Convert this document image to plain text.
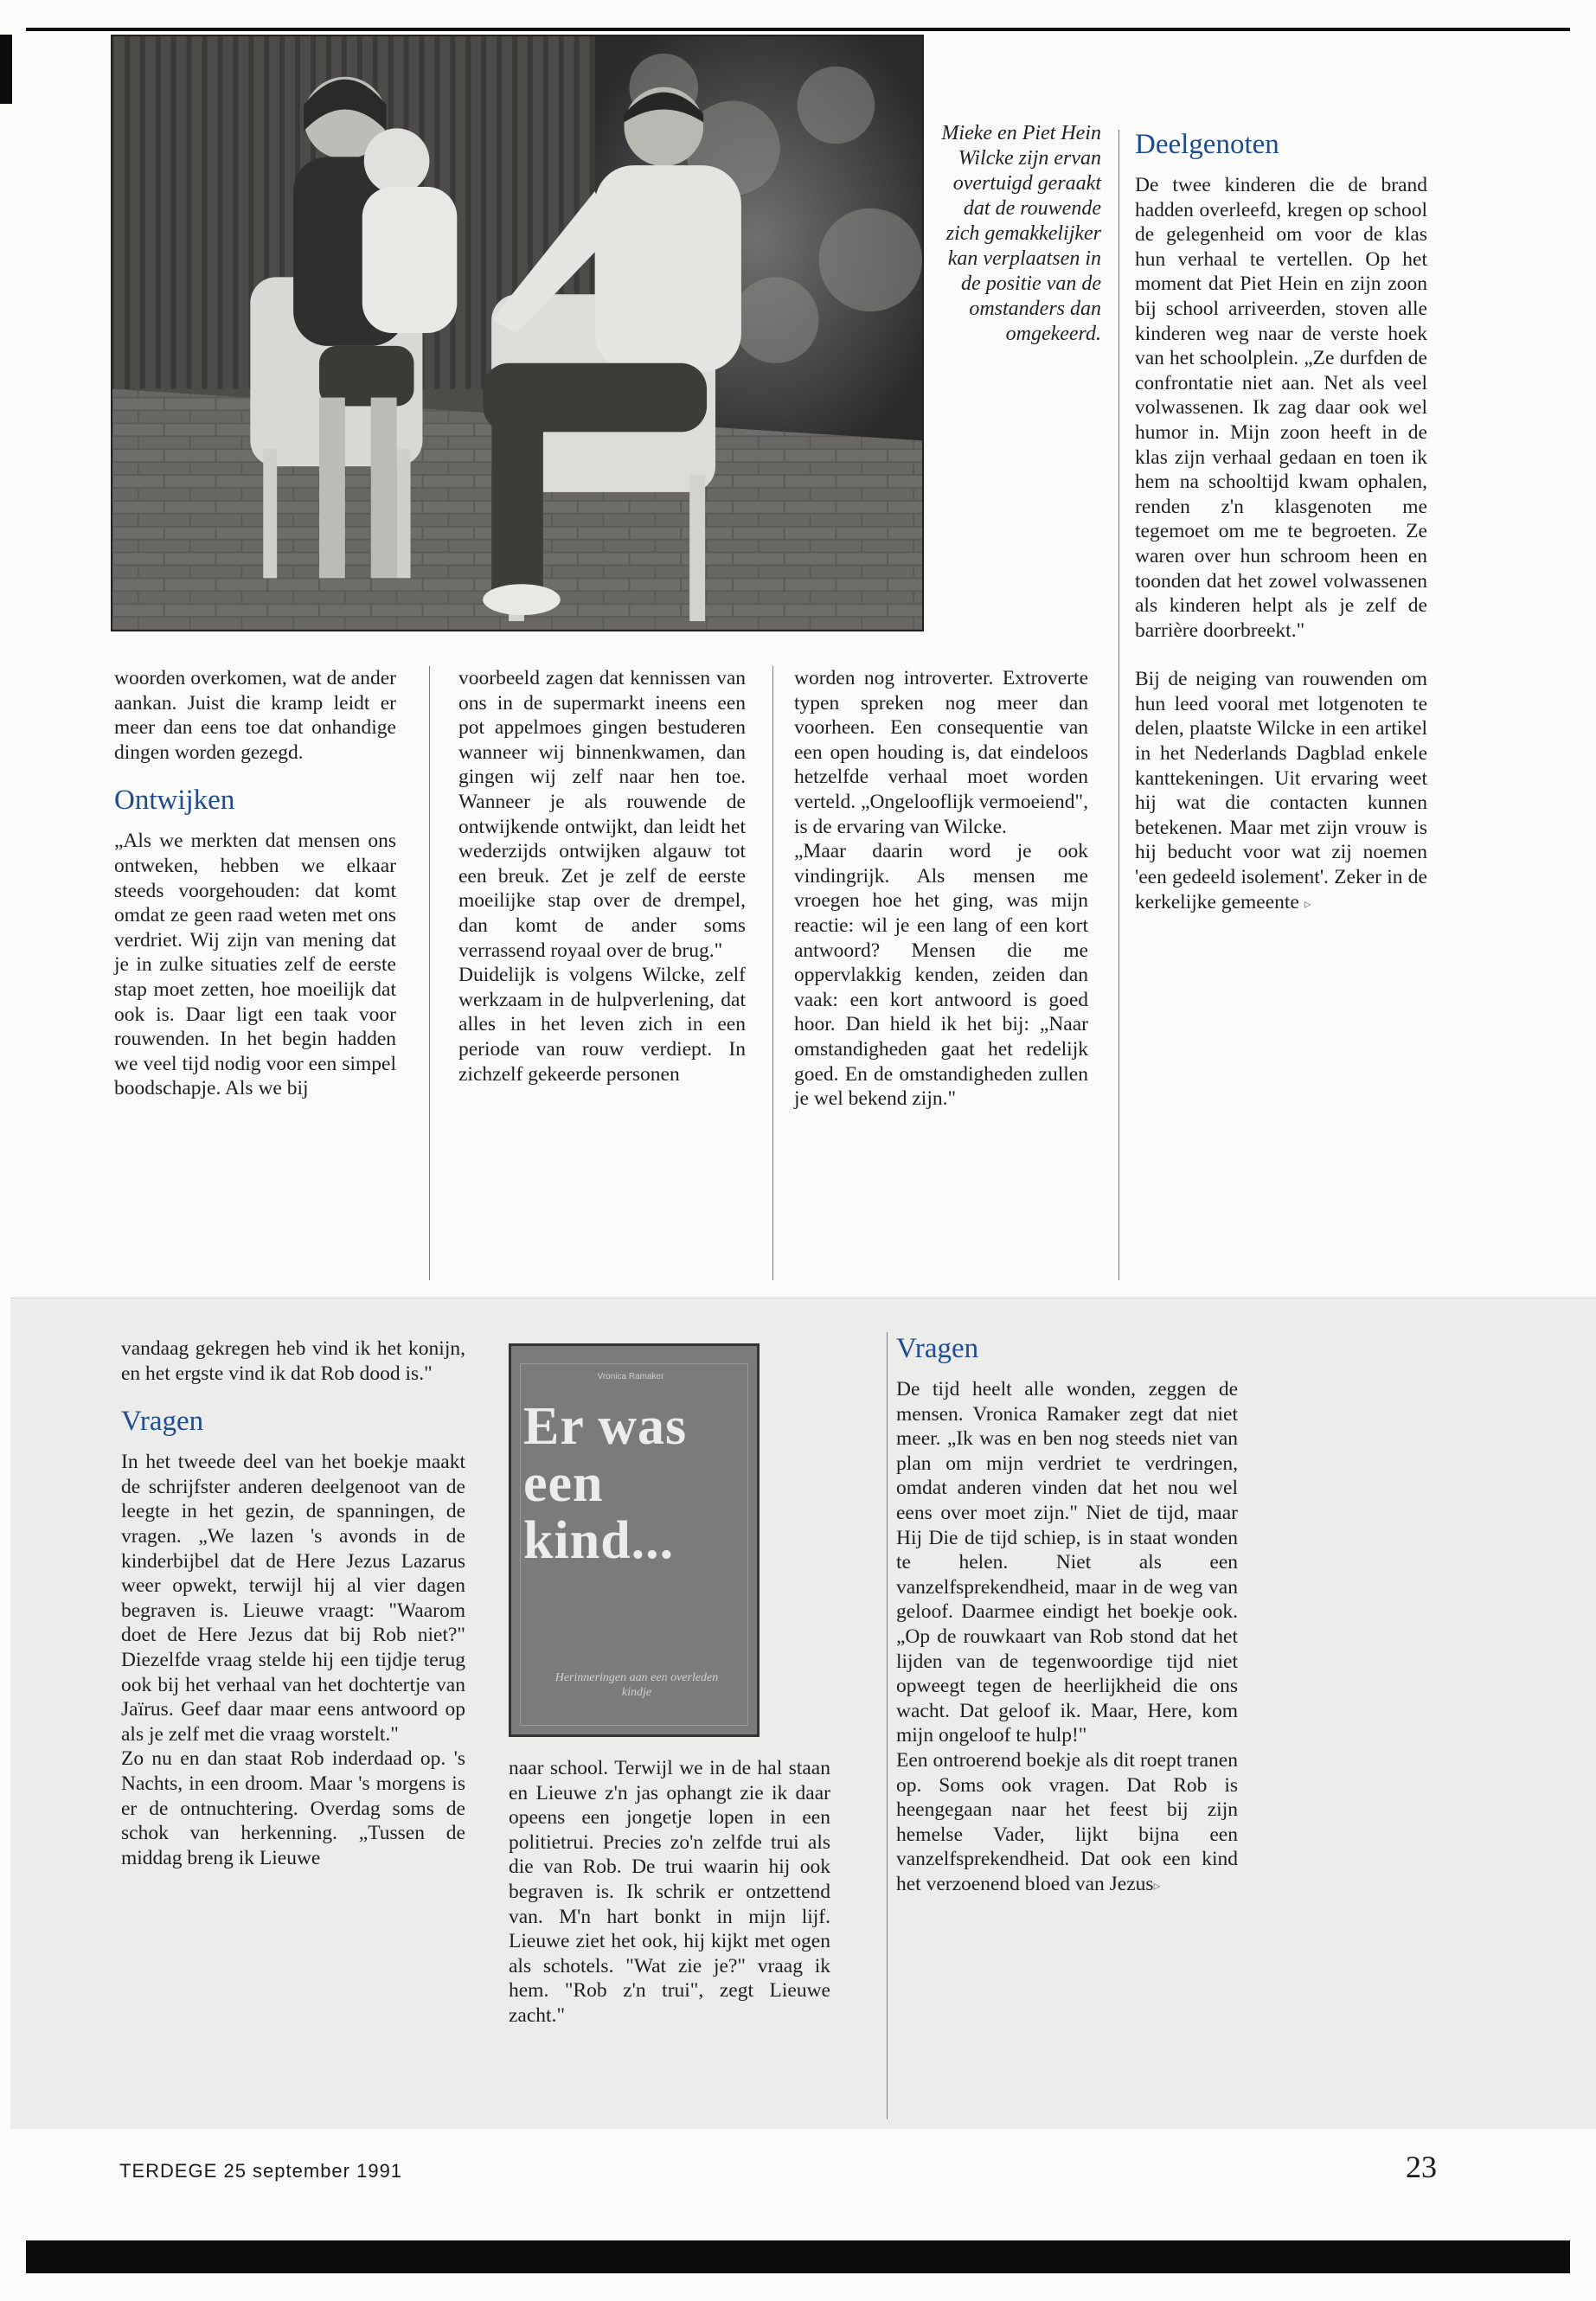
Mieke en Piet Hein Wilcke zijn ervan overtuigd geraakt dat de rouwende zich gemakkelijker kan verplaatsen in de positie van de omstanders dan omgekeerd.

woorden overkomen, wat de ander aankan. Juist die kramp leidt er meer dan eens toe dat onhandige dingen worden gezegd.

Ontwijken

„Als we merkten dat mensen ons ontweken, hebben we elkaar steeds voorgehouden: dat komt omdat ze geen raad weten met ons verdriet. Wij zijn van mening dat je in zulke situaties zelf de eerste stap moet zetten, hoe moeilijk dat ook is. Daar ligt een taak voor rouwenden. In het begin hadden we veel tijd nodig voor een simpel boodschapje. Als we bij

voorbeeld zagen dat kennissen van ons in de supermarkt ineens een pot appelmoes gingen bestuderen wanneer wij binnenkwamen, dan gingen wij zelf naar hen toe. Wanneer je als rouwende de ontwijkende ontwijkt, dan leidt het wederzijds ontwijken algauw tot een breuk. Zet je zelf de eerste moeilijke stap over de drempel, dan komt de ander soms verrassend royaal over de brug."

Duidelijk is volgens Wilcke, zelf werkzaam in de hulpverlening, dat alles in het leven zich in een periode van rouw verdiept. In zichzelf gekeerde personen

worden nog introverter. Extroverte typen spreken nog meer dan voorheen. Een consequentie van een open houding is, dat eindeloos hetzelfde verhaal moet worden verteld. „Ongelooflijk vermoeiend", is de ervaring van Wilcke.

„Maar daarin word je ook vindingrijk. Als mensen me vroegen hoe het ging, was mijn reactie: wil je een lang of een kort antwoord? Mensen die me oppervlakkig kenden, zeiden dan vaak: een kort antwoord is goed hoor. Dan hield ik het bij: „Naar omstandigheden gaat het redelijk goed. En de omstandigheden zullen je wel bekend zijn."

Deelgenoten

De twee kinderen die de brand hadden overleefd, kregen op school de gelegenheid om voor de klas hun verhaal te vertellen. Op het moment dat Piet Hein en zijn zoon bij school arriveerden, stoven alle kinderen weg naar de verste hoek van het schoolplein. „Ze durfden de confrontatie niet aan. Net als veel volwassenen. Ik zag daar ook wel humor in. Mijn zoon heeft in de klas zijn verhaal gedaan en toen ik hem na schooltijd kwam ophalen, renden z'n klasgenoten me tegemoet om me te begroeten. Ze waren over hun schroom heen en toonden dat het zowel volwassenen als kinderen helpt als je zelf de barrière doorbreekt."

Bij de neiging van rouwenden om hun leed vooral met lotgenoten te delen, plaatste Wilcke in een artikel in het Nederlands Dagblad enkele kanttekeningen. Uit ervaring weet hij wat die contacten kunnen betekenen. Maar met zijn vrouw is hij beducht voor wat zij noemen 'een gedeeld isolement'. Zeker in de kerkelijke gemeente ▹

vandaag gekregen heb vind ik het konijn, en het ergste vind ik dat Rob dood is."

Vragen

In het tweede deel van het boekje maakt de schrijfster anderen deelgenoot van de leegte in het gezin, de spanningen, de vragen. „We lazen 's avonds in de kinderbijbel dat de Here Jezus Lazarus weer opwekt, terwijl hij al vier dagen begraven is. Lieuwe vraagt: "Waarom doet de Here Jezus dat bij Rob niet?" Diezelfde vraag stelde hij een tijdje terug ook bij het verhaal van het dochtertje van Jaïrus. Geef daar maar eens antwoord op als je zelf met die vraag worstelt."

Zo nu en dan staat Rob inderdaad op. 's Nachts, in een droom. Maar 's morgens is er de ontnuchtering. Overdag soms de schok van herkenning. „Tussen de middag breng ik Lieuwe

Vronica Ramaker
Er was een kind...
Herinneringen aan een overleden kindje

naar school. Terwijl we in de hal staan en Lieuwe z'n jas ophangt zie ik daar opeens een jongetje lopen in een politietrui. Precies zo'n zelfde trui als die van Rob. De trui waarin hij ook begraven is. Ik schrik er ontzettend van. M'n hart bonkt in mijn lijf. Lieuwe ziet het ook, hij kijkt met ogen als schotels. "Wat zie je?" vraag ik hem. "Rob z'n trui", zegt Lieuwe zacht."

Vragen

De tijd heelt alle wonden, zeggen de mensen. Vronica Ramaker zegt dat niet meer. „Ik was en ben nog steeds niet van plan om mijn verdriet te verdringen, omdat anderen vinden dat het nou wel eens over moet zijn." Niet de tijd, maar Hij Die de tijd schiep, is in staat wonden te helen. Niet als een vanzelfsprekendheid, maar in de weg van geloof. Daarmee eindigt het boekje ook. „Op de rouwkaart van Rob stond dat het lijden van de tegenwoordige tijd niet opweegt tegen de heerlijkheid die ons wacht. Dat geloof ik. Maar, Here, kom mijn ongeloof te hulp!"

Een ontroerend boekje als dit roept tranen op. Soms ook vragen. Dat Rob is heengegaan naar het feest bij zijn hemelse Vader, lijkt bijna een vanzelfsprekendheid. Dat ook een kind het verzoenend bloed van Jezus▹

TERDEGE 25 september 1991	23
